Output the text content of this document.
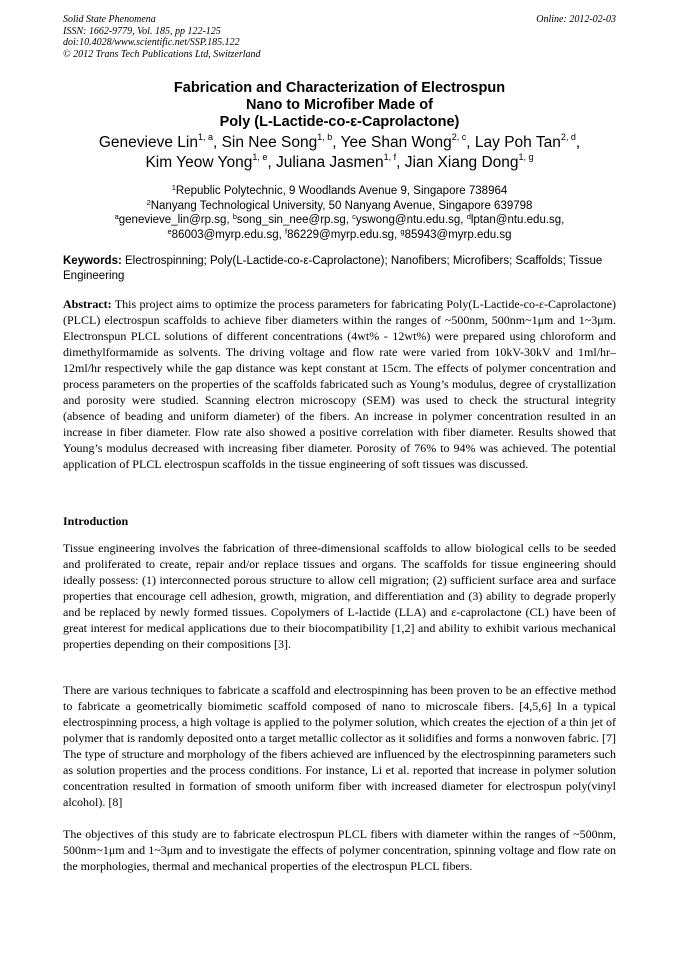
Solid State Phenomena
ISSN: 1662-9779, Vol. 185, pp 122-125
doi:10.4028/www.scientific.net/SSP.185.122
© 2012 Trans Tech Publications Ltd, Switzerland
Online: 2012-02-03
Fabrication and Characterization of Electrospun
Nano to Microfiber Made of
Poly (L-Lactide-co-ε-Caprolactone)
Genevieve Lin$^{1, a}$, Sin Nee Song$^{1, b}$, Yee Shan Wong$^{2, c}$, Lay Poh Tan$^{2, d}$,
Kim Yeow Yong$^{1, e}$, Juliana Jasmen$^{1, f}$, Jian Xiang Dong$^{1, g}$
$^1$Republic Polytechnic, 9 Woodlands Avenue 9, Singapore 738964
$^2$Nanyang Technological University, 50 Nanyang Avenue, Singapore 639798
$^a$genevieve_lin@rp.sg, $^b$song_sin_nee@rp.sg, $^c$yswong@ntu.edu.sg, $^d$lptan@ntu.edu.sg,
$^e$86003@myrp.edu.sg, $^f$86229@myrp.edu.sg, $^g$85943@myrp.edu.sg
Keywords: Electrospinning; Poly(L-Lactide-co-ε-Caprolactone); Nanofibers; Microfibers; Scaffolds; Tissue Engineering

Abstract: This project aims to optimize the process parameters for fabricating Poly(L-Lactide-co-ε-Caprolactone) (PLCL) electrospun scaffolds to achieve fiber diameters within the ranges of ~500nm, 500nm~1μm and 1~3μm. Electronspun PLCL solutions of different concentrations (4wt% - 12wt%) were prepared using chloroform and dimethylformamide as solvents. The driving voltage and flow rate were varied from 10kV-30kV and 1ml/hr–12ml/hr respectively while the gap distance was kept constant at 15cm. The effects of polymer concentration and process parameters on the properties of the scaffolds fabricated such as Young’s modulus, degree of crystallization and porosity were studied. Scanning electron microscopy (SEM) was used to check the structural integrity (absence of beading and uniform diameter) of the fibers. An increase in polymer concentration resulted in an increase in fiber diameter. Flow rate also showed a positive correlation with fiber diameter. Results showed that Young’s modulus decreased with increasing fiber diameter. Porosity of 76% to 94% was achieved. The potential application of PLCL electrospun scaffolds in the tissue engineering of soft tissues was discussed.

Introduction

Tissue engineering involves the fabrication of three-dimensional scaffolds to allow biological cells to be seeded and proliferated to create, repair and/or replace tissues and organs. The scaffolds for tissue engineering should ideally possess: (1) interconnected porous structure to allow cell migration; (2) sufficient surface area and surface properties that encourage cell adhesion, growth, migration, and differentiation and (3) ability to degrade properly and be replaced by newly formed tissues. Copolymers of L-lactide (LLA) and ε-caprolactone (CL) have been of great interest for medical applications due to their biocompatibility [1,2] and ability to exhibit various mechanical properties depending on their compositions [3].

There are various techniques to fabricate a scaffold and electrospinning has been proven to be an effective method to fabricate a geometrically biomimetic scaffold composed of nano to microscale fibers. [4,5,6] In a typical electrospinning process, a high voltage is applied to the polymer solution, which creates the ejection of a thin jet of polymer that is randomly deposited onto a target metallic collector as it solidifies and forms a nonwoven fabric. [7] The type of structure and morphology of the fibers achieved are influenced by the electrospinning parameters such as solution properties and the process conditions. For instance, Li et al. reported that increase in polymer solution concentration resulted in formation of smooth uniform fiber with increased diameter for electrospun poly(vinyl alcohol). [8]

The objectives of this study are to fabricate electrospun PLCL fibers with diameter within the ranges of ~500nm, 500nm~1μm and 1~3μm and to investigate the effects of polymer concentration, spinning voltage and flow rate on the morphologies, thermal and mechanical properties of the electrospun PLCL fibers.
